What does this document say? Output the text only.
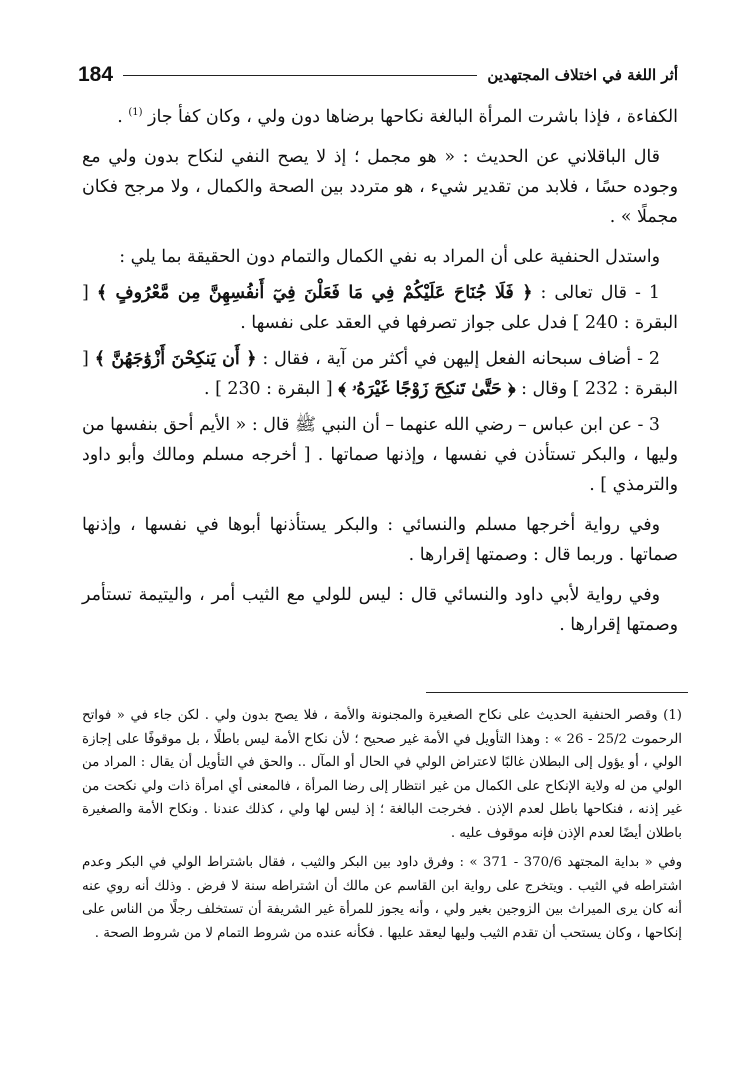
184	أثر اللغة في اختلاف المجتهدين

الكفاءة ، فإذا باشرت المرأة البالغة نكاحها برضاها دون ولي ، وكان كفأ جاز $^{(1)}$ .

قال الباقلاني عن الحديث : « هو مجمل ؛ إذ لا يصح النفي لنكاح بدون ولي مع وجوده حسًا ، فلابد من تقدير شيء ، هو متردد بين الصحة والكمال ، ولا مرجح فكان مجملًا » .

واستدل الحنفية على أن المراد به نفي الكمال والتمام دون الحقيقة بما يلي :

1 - قال تعالى : ﴿ فَلَا جُنَاحَ عَلَيْكُمْ فِي مَا فَعَلْنَ فِيٓ أَنفُسِهِنَّ مِن مَّعْرُوفٍ ﴾ [ البقرة : 240 ] فدل على جواز تصرفها في العقد على نفسها .

2 - أضاف سبحانه الفعل إليهن في أكثر من آية ، فقال : ﴿ أَن يَنكِحْنَ أَزْوَٰجَهُنَّ ﴾ [ البقرة : 232 ] وقال : ﴿ حَتَّىٰ تَنكِحَ زَوْجًا غَيْرَهُۥ ﴾ [ البقرة : 230 ] .

3 - عن ابن عباس – رضي الله عنهما – أن النبي ﷺ قال : « الأيم أحق بنفسها من وليها ، والبكر تستأذن في نفسها ، وإذنها صماتها . [ أخرجه مسلم ومالك وأبو داود والترمذي ] .

وفي رواية أخرجها مسلم والنسائي : والبكر يستأذنها أبوها في نفسها ، وإذنها صماتها . وربما قال : وصمتها إقرارها .

وفي رواية لأبي داود والنسائي قال : ليس للولي مع الثيب أمر ، واليتيمة تستأمر وصمتها إقرارها .

(1) وقصر الحنفية الحديث على نكاح الصغيرة والمجنونة والأمة ، فلا يصح بدون ولي . لكن جاء في « فواتح الرحموت 25/2 - 26 » : وهذا التأويل في الأمة غير صحيح ؛ لأن نكاح الأمة ليس باطلًا ، بل موقوفًا على إجازة الولي ، أو يؤول إلى البطلان غالبًا لاعتراض الولي في الحال أو المآل .. والحق في التأويل أن يقال : المراد من الولي من له ولاية الإنكاح على الكمال من غير انتظار إلى رضا المرأة ، فالمعنى أي امرأة ذات ولي نكحت من غير إذنه ، فنكاحها باطل لعدم الإذن . فخرجت البالغة ؛ إذ ليس لها ولي ، كذلك عندنا . ونكاح الأمة والصغيرة باطلان أيضًا لعدم الإذن فإنه موقوف عليه .

وفي « بداية المجتهد 370/6 - 371 » : وفرق داود بين البكر والثيب ، فقال باشتراط الولي في البكر وعدم اشتراطه في الثيب . ويتخرج على رواية ابن القاسم عن مالك أن اشتراطه سنة لا فرض . وذلك أنه روي عنه أنه كان يرى الميراث بين الزوجين بغير ولي ، وأنه يجوز للمرأة غير الشريفة أن تستخلف رجلًا من الناس على إنكاحها ، وكان يستحب أن تقدم الثيب وليها ليعقد عليها . فكأنه عنده من شروط التمام لا من شروط الصحة .
